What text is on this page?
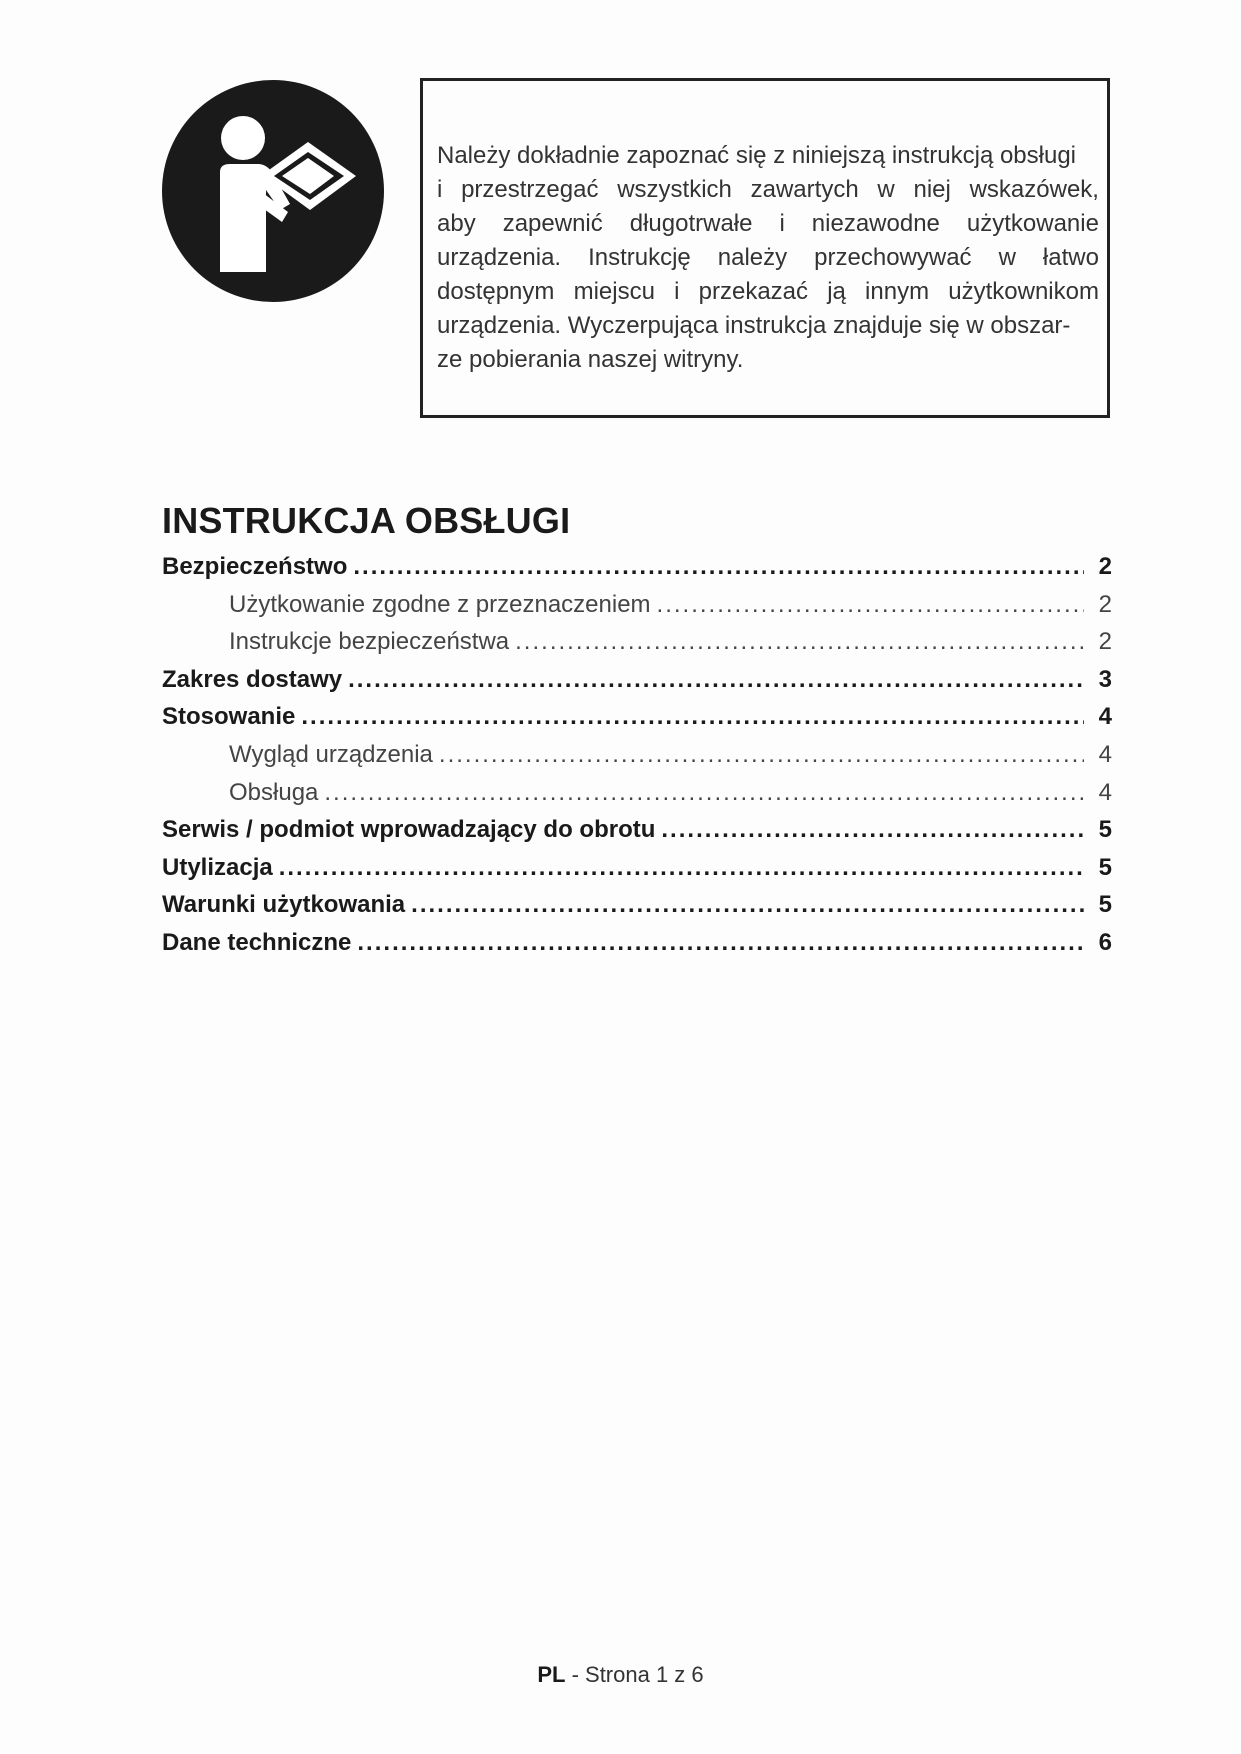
Należy dokładnie zapoznać się z niniejszą instrukcją obsługi
i przestrzegać wszystkich zawartych w niej wskazówek,
aby zapewnić długotrwałe i niezawodne użytkowanie
urządzenia. Instrukcję należy przechowywać w łatwo
dostępnym miejscu i przekazać ją innym użytkownikom
urządzenia. Wyczerpująca instrukcja znajduje się w obszar-
ze pobierania naszej witryny.
INSTRUKCJA OBSŁUGI
Bezpieczeństwo .....	2
Użytkowanie zgodne z przeznaczeniem .....	2
Instrukcje bezpieczeństwa .....	2
Zakres dostawy .....	3
Stosowanie .....	4
Wygląd urządzenia .....	4
Obsługa .....	4
Serwis / podmiot wprowadzający do obrotu .....	5
Utylizacja .....	5
Warunki użytkowania .....	5
Dane techniczne .....	6
PL - Strona 1 z 6
